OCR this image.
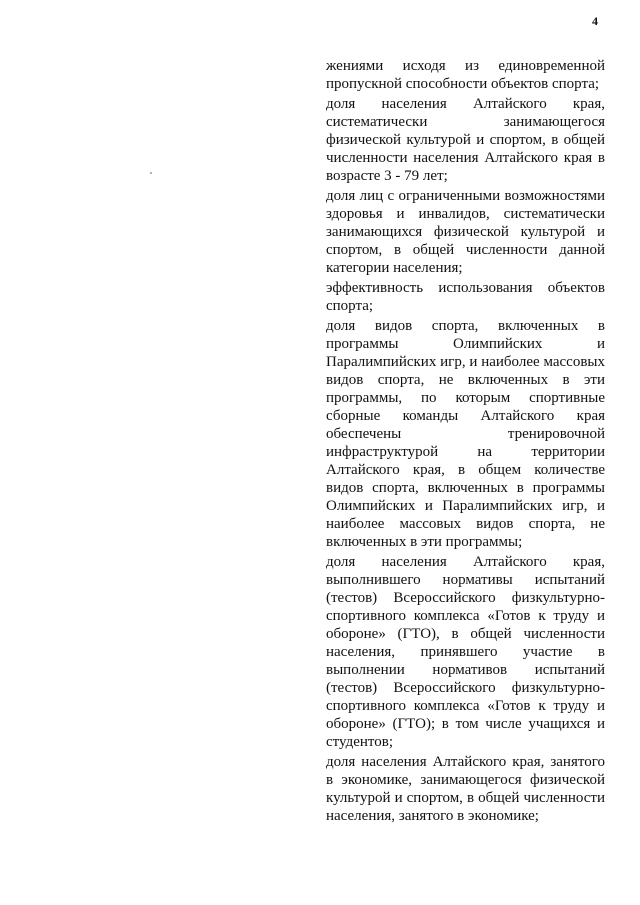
4

жениями исходя из единовременной пропускной способности объектов спорта;

доля населения Алтайского края, систематически занимающегося физической культурой и спортом, в общей численности населения Алтайского края в возрасте 3 - 79 лет;

доля лиц с ограниченными возможностями здоровья и инвалидов, систематически занимающихся физической культурой и спортом, в общей численности данной категории населения;

эффективность использования объектов спорта;

доля видов спорта, включенных в программы Олимпийских и Паралимпийских игр, и наиболее массовых видов спорта, не включенных в эти программы, по которым спортивные сборные команды Алтайского края обеспечены тренировочной инфраструктурой на территории Алтайского края, в общем количестве видов спорта, включенных в программы Олимпийских и Паралимпийских игр, и наиболее массовых видов спорта, не включенных в эти программы;

доля населения Алтайского края, выполнившего нормативы испытаний (тестов) Всероссийского физкультурно-спортивного комплекса «Готов к труду и обороне» (ГТО), в общей численности населения, принявшего участие в выполнении нормативов испытаний (тестов) Всероссийского физкультурно-спортивного комплекса «Готов к труду и обороне» (ГТО); в том числе учащихся и студентов;

доля населения Алтайского края, занятого в экономике, занимающегося физической культурой и спортом, в общей численности населения, занятого в экономике;
